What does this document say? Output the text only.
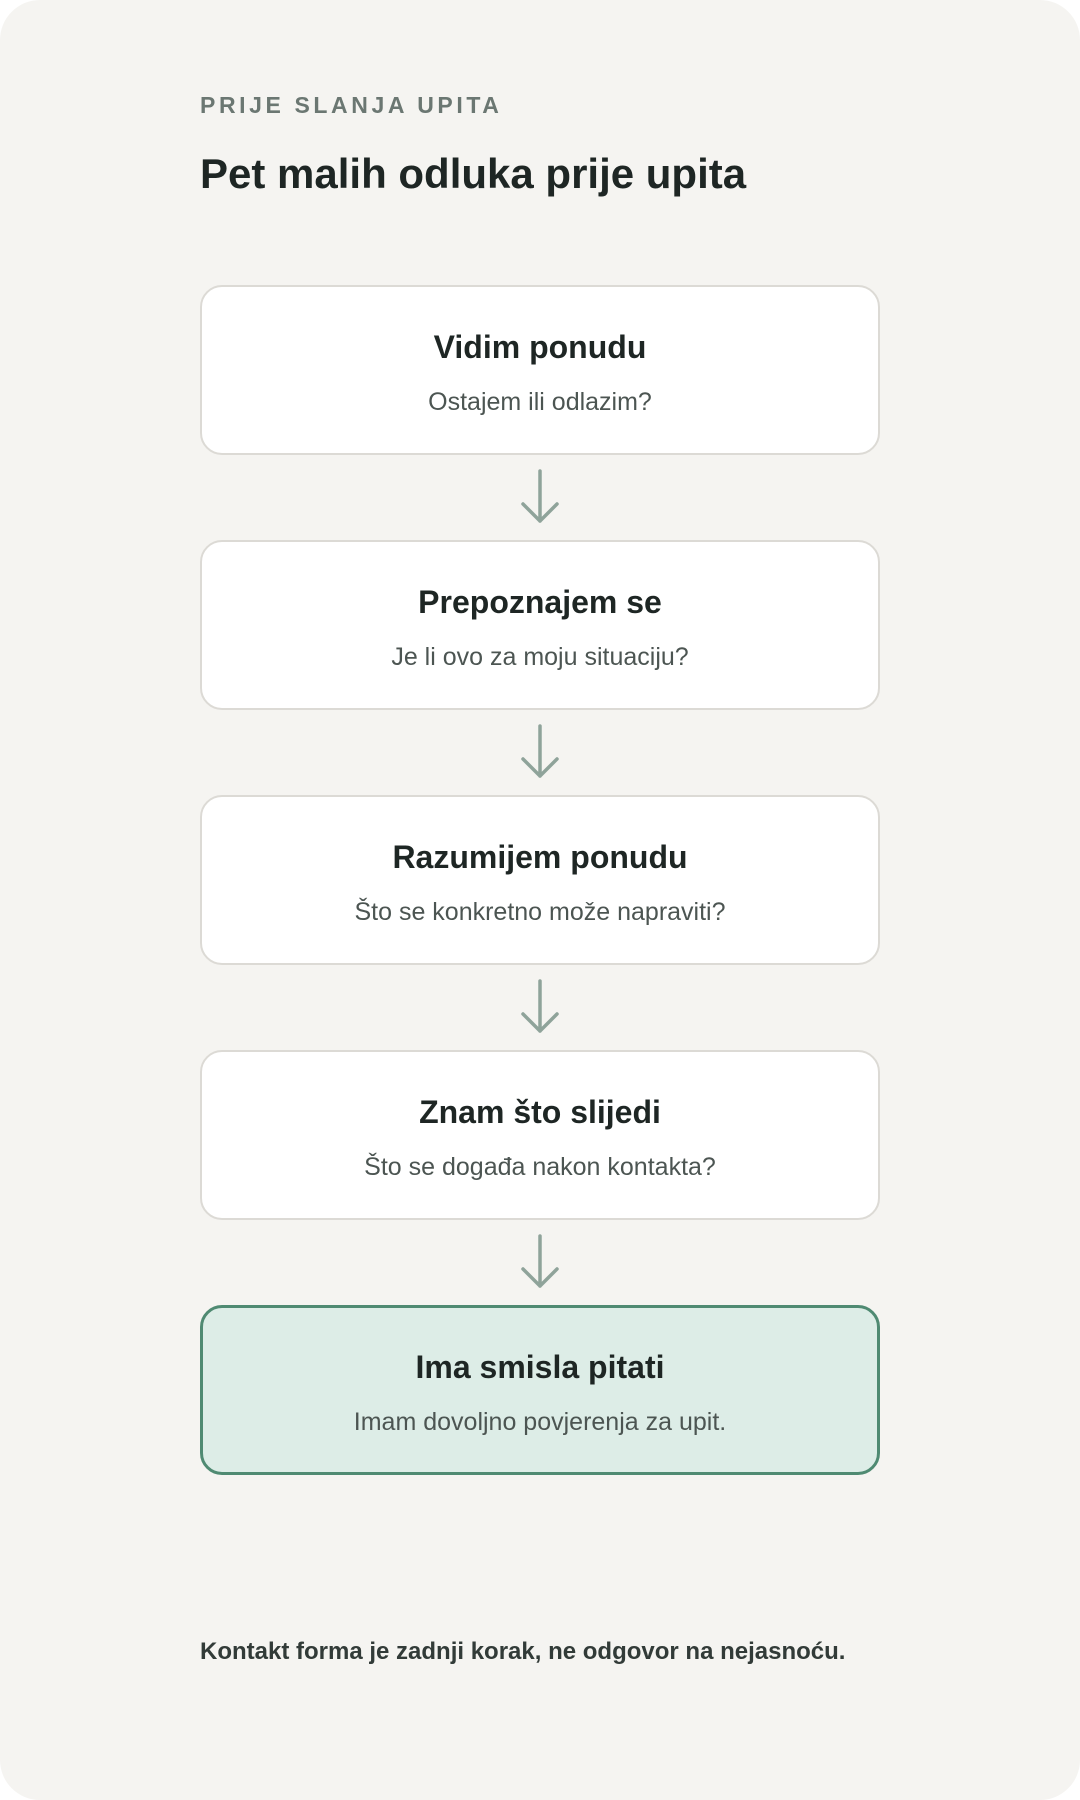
PRIJE SLANJA UPITA
Pet malih odluka prije upita
Vidim ponudu
Ostajem ili odlazim?
Prepoznajem se
Je li ovo za moju situaciju?
Razumijem ponudu
Što se konkretno može napraviti?
Znam što slijedi
Što se događa nakon kontakta?
Ima smisla pitati
Imam dovoljno povjerenja za upit.
Kontakt forma je zadnji korak, ne odgovor na nejasnoću.
